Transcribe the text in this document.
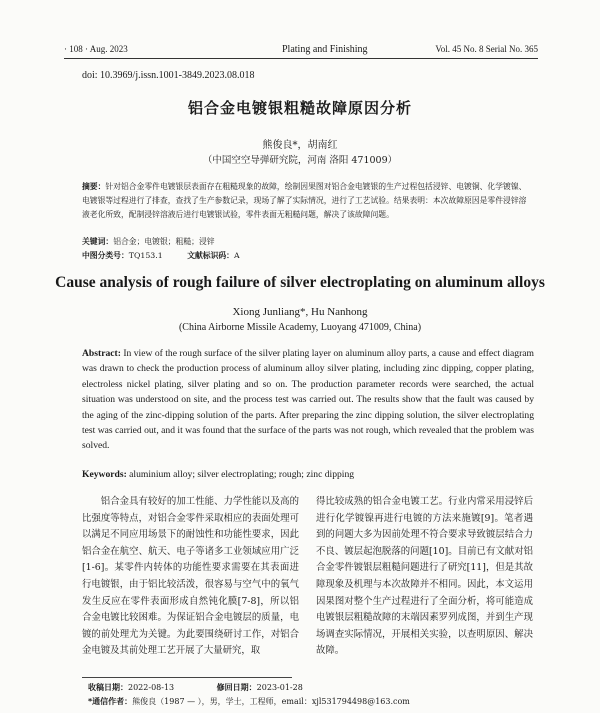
· 108 · Aug. 2023	Plating and Finishing	Vol. 45 No. 8 Serial No. 365
doi: 10.3969/j.issn.1001-3849.2023.08.018
铝合金电镀银粗糙故障原因分析
熊俊良*，胡南红
（中国空空导弹研究院，河南 洛阳 471009）
摘要：针对铝合金零件电镀银层表面存在粗糙现象的故障，绘制因果图对铝合金电镀银的生产过程包括浸锌、电镀铜、化学镀镍、电镀银等过程进行了排查，查找了生产参数记录，现场了解了实际情况，进行了工艺试验。结果表明：本次故障原因是零件浸锌溶液老化所致，配制浸锌溶液后进行电镀银试验，零件表面无粗糙问题，解决了该故障问题。
关键词：铝合金；电镀银；粗糙；浸锌
中图分类号：TQ153.1	文献标识码：A
Cause analysis of rough failure of silver electroplating on aluminum alloys
Xiong Junliang*, Hu Nanhong
(China Airborne Missile Academy, Luoyang 471009, China)
Abstract: In view of the rough surface of the silver plating layer on aluminum alloy parts, a cause and effect diagram was drawn to check the production process of aluminum alloy silver plating, including zinc dipping, copper plating, electroless nickel plating, silver plating and so on. The production parameter records were searched, the actual situation was understood on site, and the process test was carried out. The results show that the fault was caused by the aging of the zinc-dipping solution of the parts. After preparing the zinc dipping solution, the silver electroplating test was carried out, and it was found that the surface of the parts was not rough, which revealed that the problem was solved.
Keywords: aluminium alloy; silver electroplating; rough; zinc dipping

铝合金具有较好的加工性能、力学性能以及高的比强度等特点，对铝合金零件采取相应的表面处理可以满足不同应用场景下的耐蚀性和功能性要求，因此铝合金在航空、航天、电子等诸多工业领域应用广泛[1-6]。某零件内转体的功能性要求需要在其表面进行电镀银，由于铝比较活泼，很容易与空气中的氧气发生反应在零件表面形成自然钝化膜[7-8]，所以铝合金电镀比较困难。为保证铝合金电镀层的质量，电镀的前处理尤为关键。为此要围绕研讨工作，对铝合金电镀及其前处理工艺开展了大量研究，取

得比较成熟的铝合金电镀工艺。行业内常采用浸锌后进行化学镀镍再进行电镀的方法来施镀[9]。笔者遇到的问题大多为因前处理不符合要求导致镀层结合力不良、镀层起泡脱落的问题[10]。目前已有文献对铝合金零件镀银层粗糙问题进行了研究[11]，但是其故障现象及机理与本次故障并不相同。因此，本文运用因果图对整个生产过程进行了全面分析，将可能造成电镀银层粗糙故障的末端因素罗列成图，并到生产现场调查实际情况，开展相关实验，以查明原因、解决故障。

收稿日期：2022-08-13	修回日期：2023-01-28
*通信作者：熊俊良（1987 — ），男，学士，工程师，email：xjl531794498@163.com
